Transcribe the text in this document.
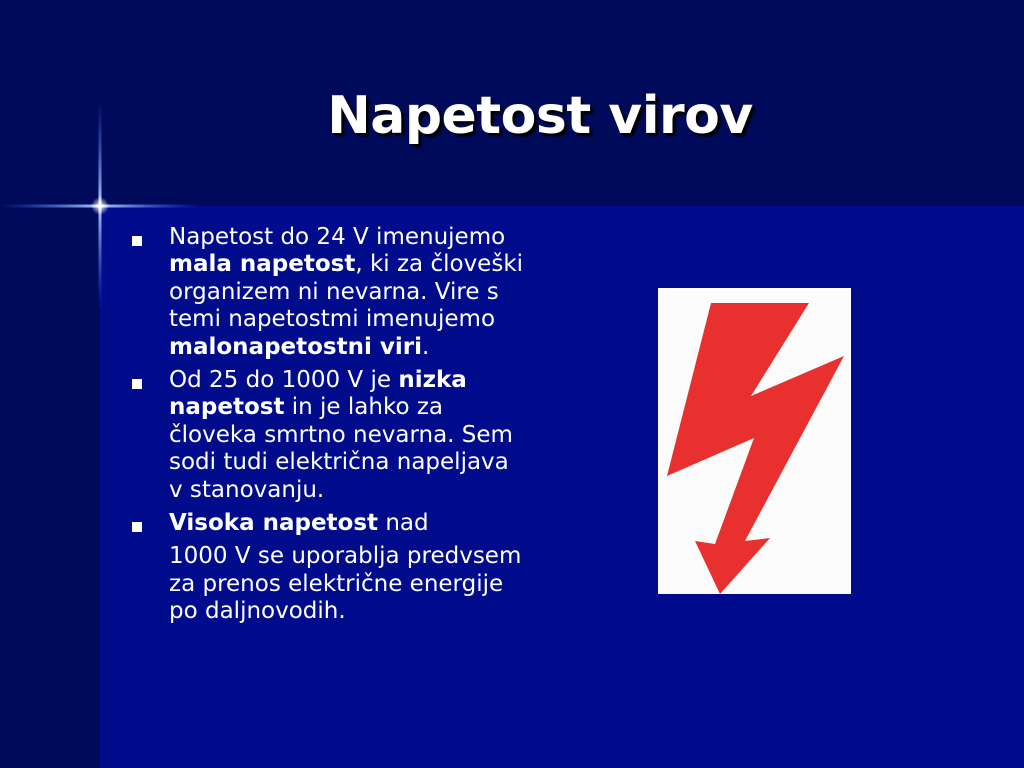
Napetost virov
Napetost do 24 V imenujemo mala napetost, ki za človeški organizem ni nevarna. Vire s temi napetostmi imenujemo malonapetostni viri.
Od 25 do 1000 V je nizka napetost in je lahko za človeka smrtno nevarna. Sem sodi tudi električna napeljava v stanovanju.
Visoka napetost nad
1000 V se uporablja predvsem za prenos električne energije po daljnovodih.
